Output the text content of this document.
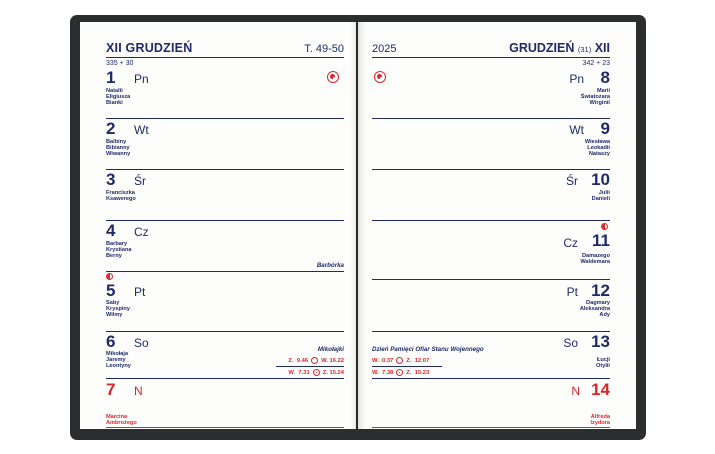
XII GRUDZIEŃ	T. 49-50
335 + 30
1 Pn
Natalii
Eligiusza
Bianki
2 Wt
Balbiny
Bibianny
Wiwanny
3 Śr
Franciszka
Ksawerego
4 Cz
Barbary
Krystiana
Berny
Barbórka
5 Pt
Saby
Kryspiny
Wilmy
6 So
Mikołaja
Jaremy
Leontyny
Mikołajki
Z. 9.46 W. 16.22
W. 7.31 Z. 15.24
7 N
Marcina
Ambrożego
2025	GRUDZIEŃ (31) XII
342 + 23
8
Pn
Marii
Światozara
Wirginii
9
Wt
Wiesława
Leokadii
Nataszy
10
Śr
Julii
Danieli
11
Cz
Damazego
Waldemara
12
Pt
Dagmary
Aleksandra
Ady
13
So
Łucji
Otylii
Dzień Pamięci Ofiar Stanu Wojennego
W. 0.37 Z. 12.07
W. 7.38 Z. 15.23
14
N
Alfreda
Izydora
